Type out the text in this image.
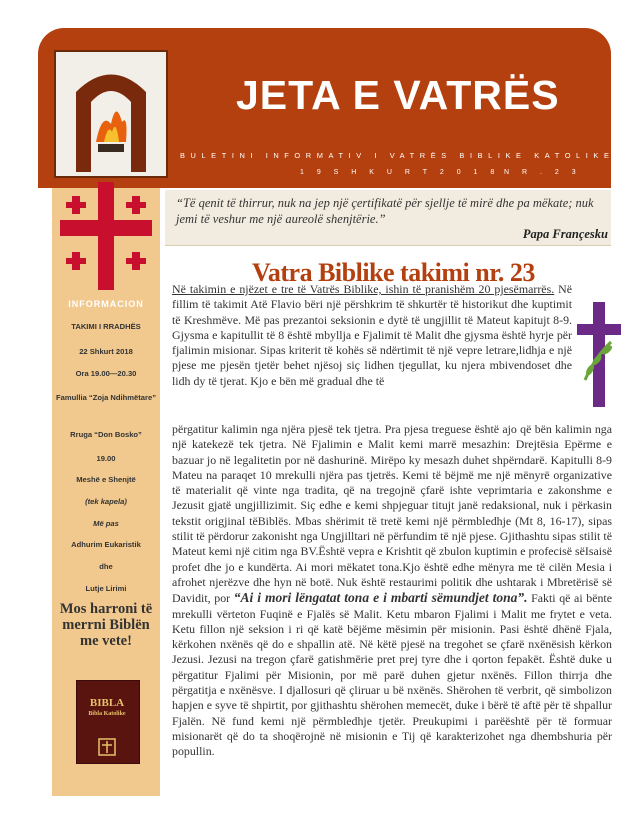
JETA E VATRËS
BULETINI INFORMATIV I VATRËS BIBLIKE KATOLIKE
1 9 S H K U R T 2 0 1 8 N R . 2 3
INFORMACION
TAKIMI I RRADHËS
22 Shkurt 2018
Ora 19.00—20.30
Famullia “Zoja Ndihmëtare”
Rruga “Don Bosko”
19.00
Meshë e Shenjtë
(tek kapela)
Më pas
Adhurim Eukaristik
dhe
Lutje Lirimi
Mos harroni të merrni Biblën me vete!
BIBLA
Bibla Katolike
“Të qenit të thirrur, nuk na jep një çertifikatë për sjellje të mirë dhe pa mëkate; nuk jemi të veshur me një aureolë shenjtërie.”
Papa Françesku
Vatra Biblike takimi nr. 23
Në takimin e njëzet e tre të Vatrës Biblike, ishin të pranishëm 20 pjesëmarrës. Në fillim të takimit Atë Flavio bëri një përshkrim të shkurtër të historikut dhe kuptimit të Kreshmëve. Më pas prezantoi seksionin e dytë të ungjillit të Mateut kapitujt 8-9. Gjysma e kapitullit të 8 është mbyllja e Fjalimit të Malit dhe gjysma është hyrje për fjalimin misionar. Sipas kriterit të kohës së ndërtimit të një vepre letrare,lidhja e një pjese me pjesën tjetër behet njësoj siç lidhen tjegullat, ku njera mbivendoset dhe lidh dy të tjerat. Kjo e bën më gradual dhe të
përgatitur kalimin nga njëra pjesë tek tjetra. Pra pjesa treguese është ajo që bën kalimin nga një katekezë tek tjetra. Në Fjalimin e Malit kemi marrë mesazhin: Drejtësia Epërme e bazuar jo në legalitetin por në dashurinë. Mirëpo ky mesazh duhet shpërndarë. Kapitulli 8-9 Mateu na paraqet 10 mrekulli njëra pas tjetrës. Kemi të bëjmë me një mënyrë organizative të materialit që vinte nga tradita, që na tregojnë çfarë ishte veprimtaria e zakonshme e Jezusit gjatë ungjillizimit. Siç edhe e kemi shpjeguar titujt janë redaksional, nuk i përkasin tekstit origjinal tëBiblës. Mbas shërimit të tretë kemi një përmbledhje (Mt 8, 16-17), sipas stilit të përdorur zakonisht nga Ungjilltari në përfundim të një pjese. Gjithashtu sipas stilit të Mateut kemi një citim nga BV.Është vepra e Krishtit që zbulon kuptimin e profecisë sëIsaisë profet dhe jo e kundërta. Ai mori mëkatet tona.Kjo është edhe mënyra me të cilën Mesia i afrohet njerëzve dhe hyn në botë. Nuk është restaurimi politik dhe ushtarak i Mbretërisë së Davidit, por “Ai i mori lëngatat tona e i mbarti sëmundjet tona”. Fakti që ai bënte mrekulli vërteton Fuqinë e Fjalës së Malit. Ketu mbaron Fjalimi i Malit me frytet e veta. Ketu fillon një seksion i ri që katë bëjëme mësimin për misionin. Pasi është dhënë Fjala, kërkohen nxënës që do e shpallin atë. Në këtë pjesë na tregohet se çfarë nxënësish kërkon Jezusi. Jezusi na tregon çfarë gatishmërie pret prej tyre dhe i qorton fepakët. Është duke u përgatitur Fjalimi për Misionin, por më parë duhen gjetur nxënës. Fillon thirrja dhe përgatitja e nxënësve. I djallosuri që çliruar u bë nxënës. Shërohen të verbrit, që simbolizon hapjen e syve të shpirtit, por gjithashtu shërohen memecët, duke i bërë të aftë për të shpallur Fjalën. Në fund kemi një përmbledhje tjetër. Preukupimi i parëështë për të formuar misionarët që do ta shoqërojnë në misionin e Tij që karakterizohet nga dhembshuria për popullin.
